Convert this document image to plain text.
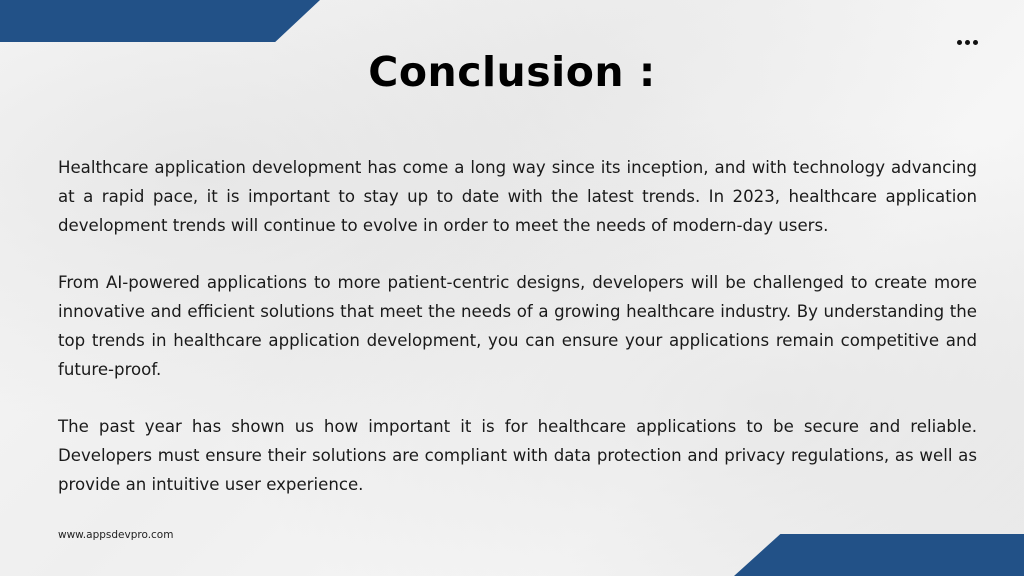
Conclusion :

Healthcare application development has come a long way since its inception, and with technology advancing at a rapid pace, it is important to stay up to date with the latest trends. In 2023, healthcare application development trends will continue to evolve in order to meet the needs of modern-day users.

From AI-powered applications to more patient-centric designs, developers will be challenged to create more innovative and efficient solutions that meet the needs of a growing healthcare industry. By understanding the top trends in healthcare application development, you can ensure your applications remain competitive and future-proof.

The past year has shown us how important it is for healthcare applications to be secure and reliable. Developers must ensure their solutions are compliant with data protection and privacy regulations, as well as provide an intuitive user experience.

www.appsdevpro.com
